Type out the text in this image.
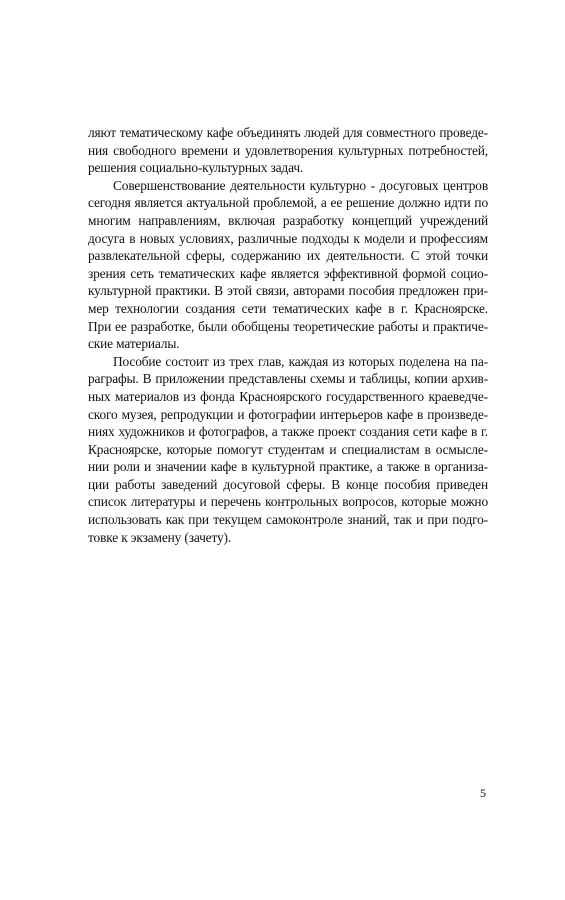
ляют тематическому кафе объединять людей для совместного проведе-
ния свободного времени и удовлетворения культурных потребностей,
решения социально-культурных задач.

Совершенствование деятельности культурно - досуговых центров
сегодня является актуальной проблемой, а ее решение должно идти по
многим направлениям, включая разработку концепций учреждений
досуга в новых условиях, различные подходы к модели и профессиям
развлекательной сферы, содержанию их деятельности. С этой точки
зрения сеть тематических кафе является эффективной формой социо-
культурной практики. В этой связи, авторами пособия предложен при-
мер технологии создания сети тематических кафе в г. Красноярске.
При ее разработке, были обобщены теоретические работы и практиче-
ские материалы.

Пособие состоит из трех глав, каждая из которых поделена на па-
раграфы. В приложении представлены схемы и таблицы, копии архив-
ных материалов из фонда Красноярского государственного краеведче-
ского музея, репродукции и фотографии интерьеров кафе в произведе-
ниях художников и фотографов, а также проект создания сети кафе в г.
Красноярске, которые помогут студентам и специалистам в осмысле-
нии роли и значении кафе в культурной практике, а также в организа-
ции работы заведений досуговой сферы. В конце пособия приведен
список литературы и перечень контрольных вопросов, которые можно
использовать как при текущем самоконтроле знаний, так и при подго-
товке к экзамену (зачету).

5
